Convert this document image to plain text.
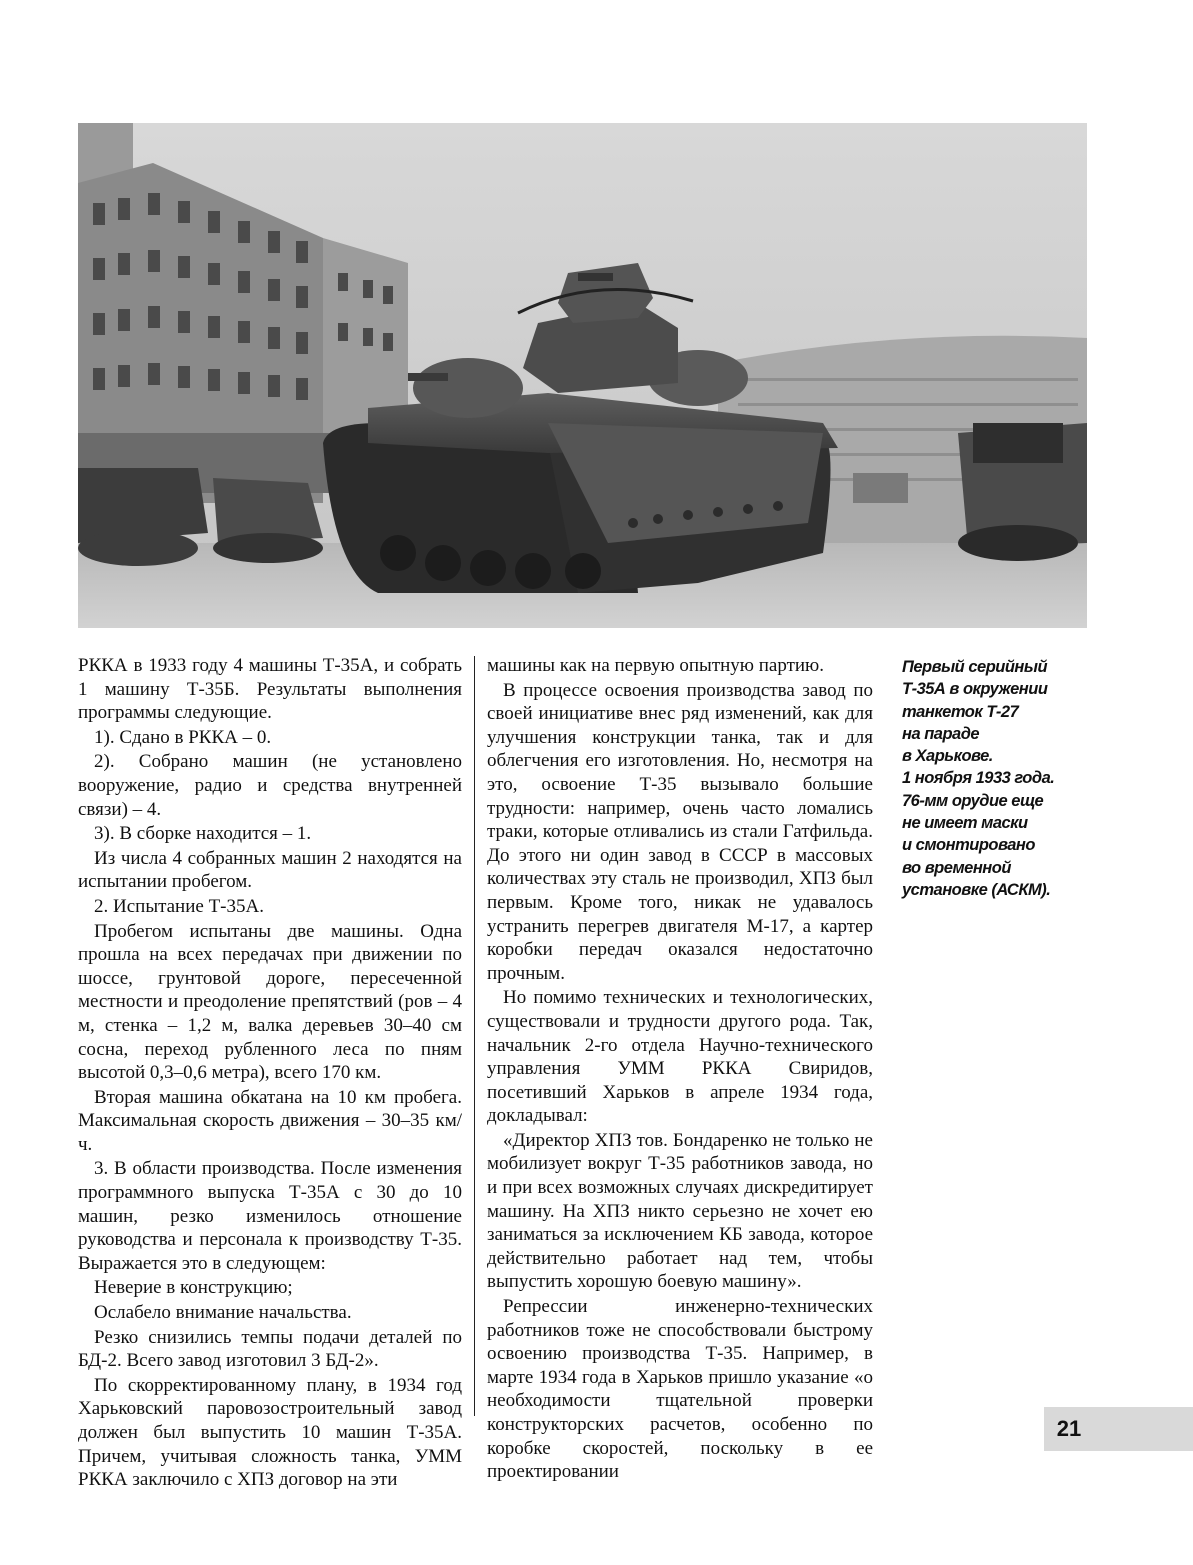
РККА в 1933 году 4 машины Т-35А, и собрать 1 машину Т-35Б. Результаты выполнения программы следующие.

1). Сдано в РККА – 0.

2). Собрано машин (не установлено вооружение, радио и средства внутренней связи) – 4.

3). В сборке находится – 1.

Из числа 4 собранных машин 2 находятся на испытании пробегом.

2. Испытание Т-35А.

Пробегом испытаны две машины. Одна прошла на всех передачах при движении по шоссе, грунтовой дороге, пересеченной местности и преодоление препятствий (ров – 4 м, стенка – 1,2 м, валка деревьев 30–40 см сосна, переход рубленного леса по пням высотой 0,3–0,6 метра), всего 170 км.

Вторая машина обкатана на 10 км пробега. Максимальная скорость движения – 30–35 км/ч.

3. В области производства. После изменения программного выпуска Т-35А с 30 до 10 машин, резко изменилось отношение руководства и персонала к производству Т-35. Выражается это в следующем:

Неверие в конструкцию;

Ослабело внимание начальства.

Резко снизились темпы подачи деталей по БД-2. Всего завод изготовил 3 БД-2».

По скорректированному плану, в 1934 год Харьковский паровозостроительный завод должен был выпустить 10 машин Т-35А. Причем, учитывая сложность танка, УММ РККА заключило с ХПЗ договор на эти

машины как на первую опытную партию.

В процессе освоения производства завод по своей инициативе внес ряд изменений, как для улучшения конструкции танка, так и для облегчения его изготовления. Но, несмотря на это, освоение Т-35 вызывало большие трудности: например, очень часто ломались траки, которые отливались из стали Гатфильда. До этого ни один завод в СССР в массовых количествах эту сталь не производил, ХПЗ был первым. Кроме того, никак не удавалось устранить перегрев двигателя М-17, а картер коробки передач оказался недостаточно прочным.

Но помимо технических и технологических, существовали и трудности другого рода. Так, начальник 2-го отдела Научно-технического управления УММ РККА Свиридов, посетивший Харьков в апреле 1934 года, докладывал:

«Директор ХПЗ тов. Бондаренко не только не мобилизует вокруг Т-35 работников завода, но и при всех возможных случаях дискредитирует машину. На ХПЗ никто серьезно не хочет ею заниматься за исключением КБ завода, которое действительно работает над тем, чтобы выпустить хорошую боевую машину».

Репрессии инженерно-технических работников тоже не способствовали быстрому освоению производства Т-35. Например, в марте 1934 года в Харьков пришло указание «о необходимости тщательной проверки конструкторских расчетов, особенно по коробке скоростей, поскольку в ее проектировании

Первый серийный
Т-35А в окружении
танкеток Т-27
на параде
в Харькове.
1 ноября 1933 года.
76-мм орудие еще
не имеет маски
и смонтировано
во временной
установке (АСКМ).
21
